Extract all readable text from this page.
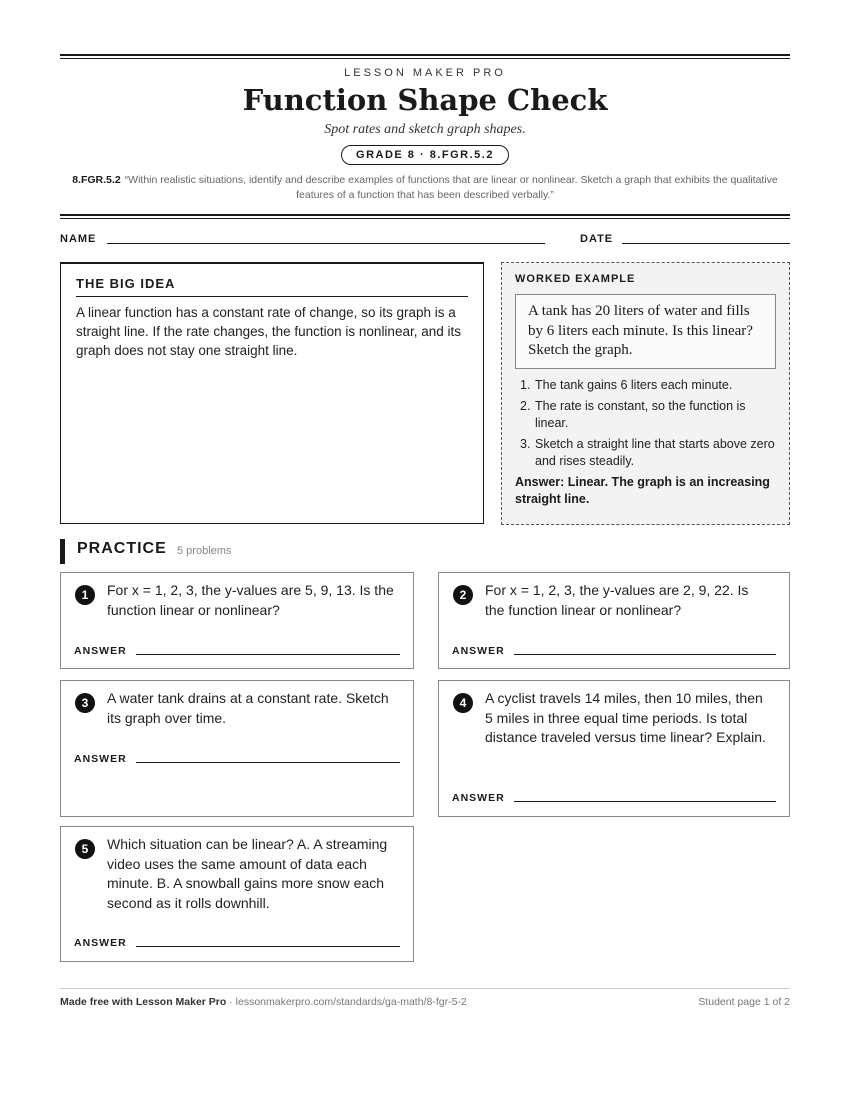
LESSON MAKER PRO
Function Shape Check
Spot rates and sketch graph shapes.
GRADE 8 · 8.FGR.5.2
8.FGR.5.2 “Within realistic situations, identify and describe examples of functions that are linear or nonlinear. Sketch a graph that exhibits the qualitative features of a function that has been described verbally.”
NAME	DATE
THE BIG IDEA
A linear function has a constant rate of change, so its graph is a straight line. If the rate changes, the function is nonlinear, and its graph does not stay one straight line.
WORKED EXAMPLE
A tank has 20 liters of water and fills by 6 liters each minute. Is this linear? Sketch the graph.
1. The tank gains 6 liters each minute.
2. The rate is constant, so the function is linear.
3. Sketch a straight line that starts above zero and rises steadily.
Answer: Linear. The graph is an increasing straight line.
PRACTICE 5 problems
1	For x = 1, 2, 3, the y-values are 5, 9, 13. Is the function linear or nonlinear?
ANSWER
2	For x = 1, 2, 3, the y-values are 2, 9, 22. Is the function linear or nonlinear?
ANSWER
3	A water tank drains at a constant rate. Sketch its graph over time.
ANSWER
4	A cyclist travels 14 miles, then 10 miles, then 5 miles in three equal time periods. Is total distance traveled versus time linear? Explain.
ANSWER
5	Which situation can be linear? A. A streaming video uses the same amount of data each minute. B. A snowball gains more snow each second as it rolls downhill.
ANSWER
Made free with Lesson Maker Pro · lessonmakerpro.com/standards/ga-math/8-fgr-5-2	Student page 1 of 2
